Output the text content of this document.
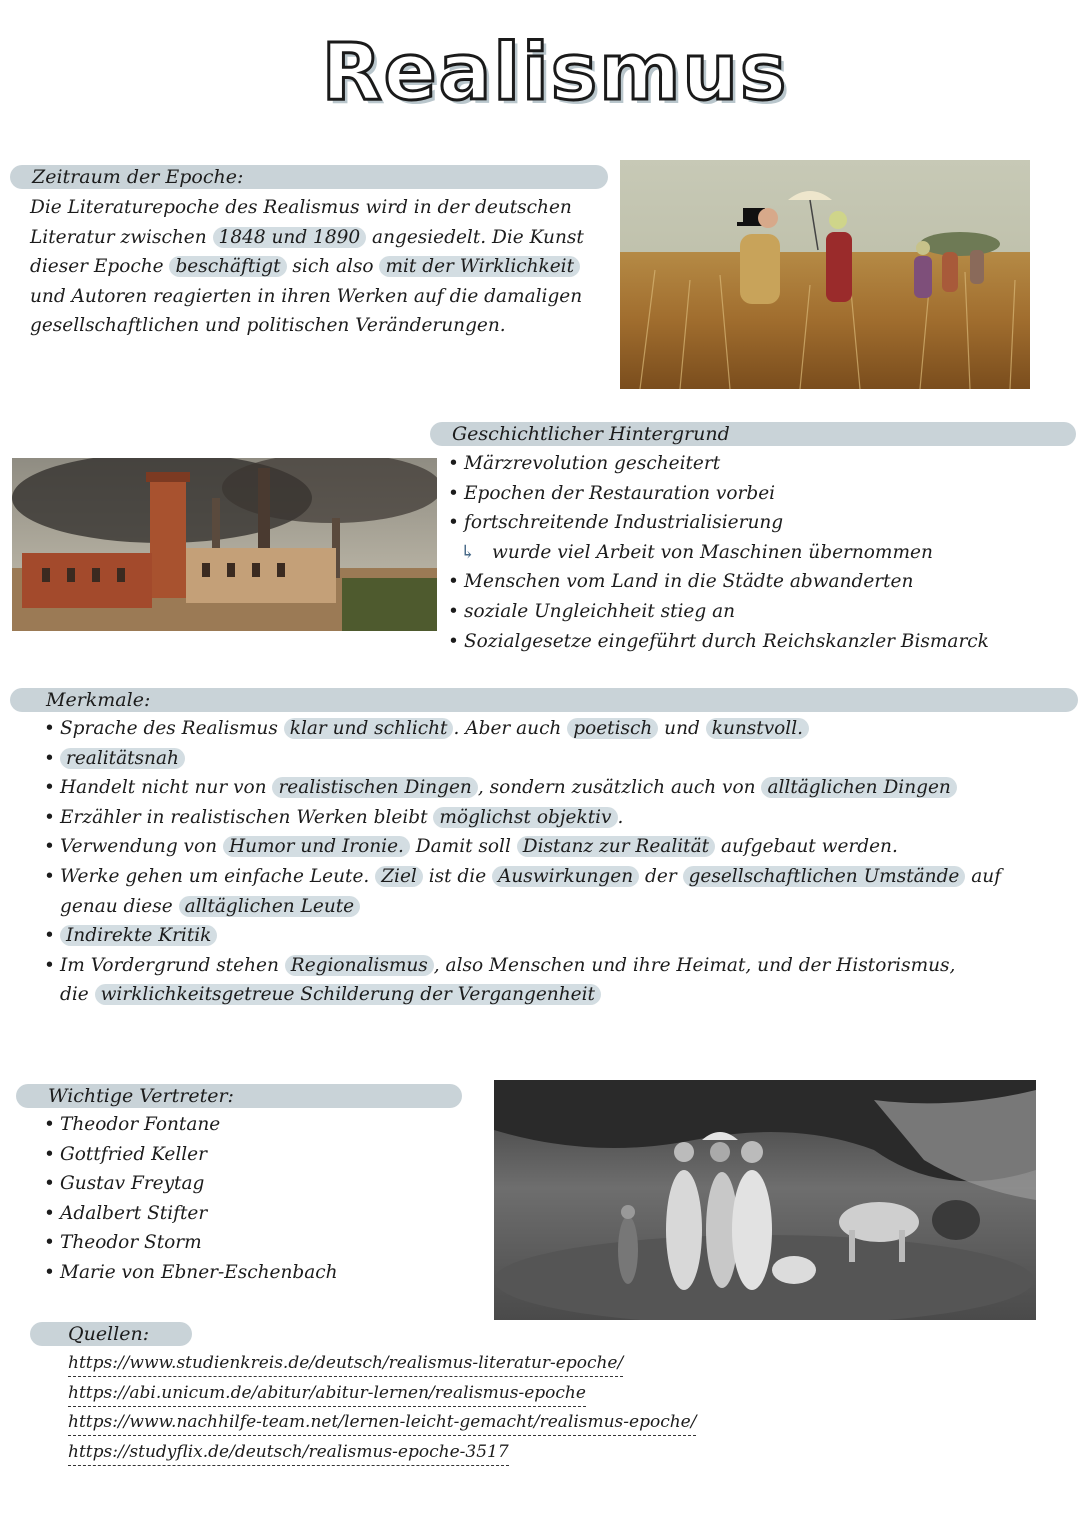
Realismus
Zeitraum der Epoche:
Die Literaturepoche des Realismus wird in der deutschen Literatur zwischen 1848 und 1890 angesiedelt. Die Kunst dieser Epoche beschäftigt sich also mit der Wirklichkeit und Autoren reagierten in ihren Werken auf die damaligen gesellschaftlichen und politischen Veränderungen.
Geschichtlicher Hintergrund
• Märzrevolution gescheitert
• Epochen der Restauration vorbei
• fortschreitende Industrialisierung
↳ wurde viel Arbeit von Maschinen übernommen
• Menschen vom Land in die Städte abwanderten
• soziale Ungleichheit stieg an
• Sozialgesetze eingeführt durch Reichskanzler Bismarck
Merkmale:
• Sprache des Realismus klar und schlicht . Aber auch poetisch und kunstvoll.
• realitätsnah
• Handelt nicht nur von realistischen Dingen , sondern zusätzlich auch von alltäglichen Dingen
• Erzähler in realistischen Werken bleibt möglichst objektiv .
• Verwendung von Humor und Ironie. Damit soll Distanz zur Realität aufgebaut werden.
• Werke gehen um einfache Leute. Ziel ist die Auswirkungen der gesellschaftlichen Umstände auf genau diese alltäglichen Leute
• Indirekte Kritik
• Im Vordergrund stehen Regionalismus , also Menschen und ihre Heimat, und der Historismus, die wirklichkeitsgetreue Schilderung der Vergangenheit
Wichtige Vertreter:
• Theodor Fontane
• Gottfried Keller
• Gustav Freytag
• Adalbert Stifter
• Theodor Storm
• Marie von Ebner-Eschenbach
Quellen:
https://www.studienkreis.de/deutsch/realismus-literatur-epoche/
https://abi.unicum.de/abitur/abitur-lernen/realismus-epoche
https://www.nachhilfe-team.net/lernen-leicht-gemacht/realismus-epoche/
https://studyflix.de/deutsch/realismus-epoche-3517
